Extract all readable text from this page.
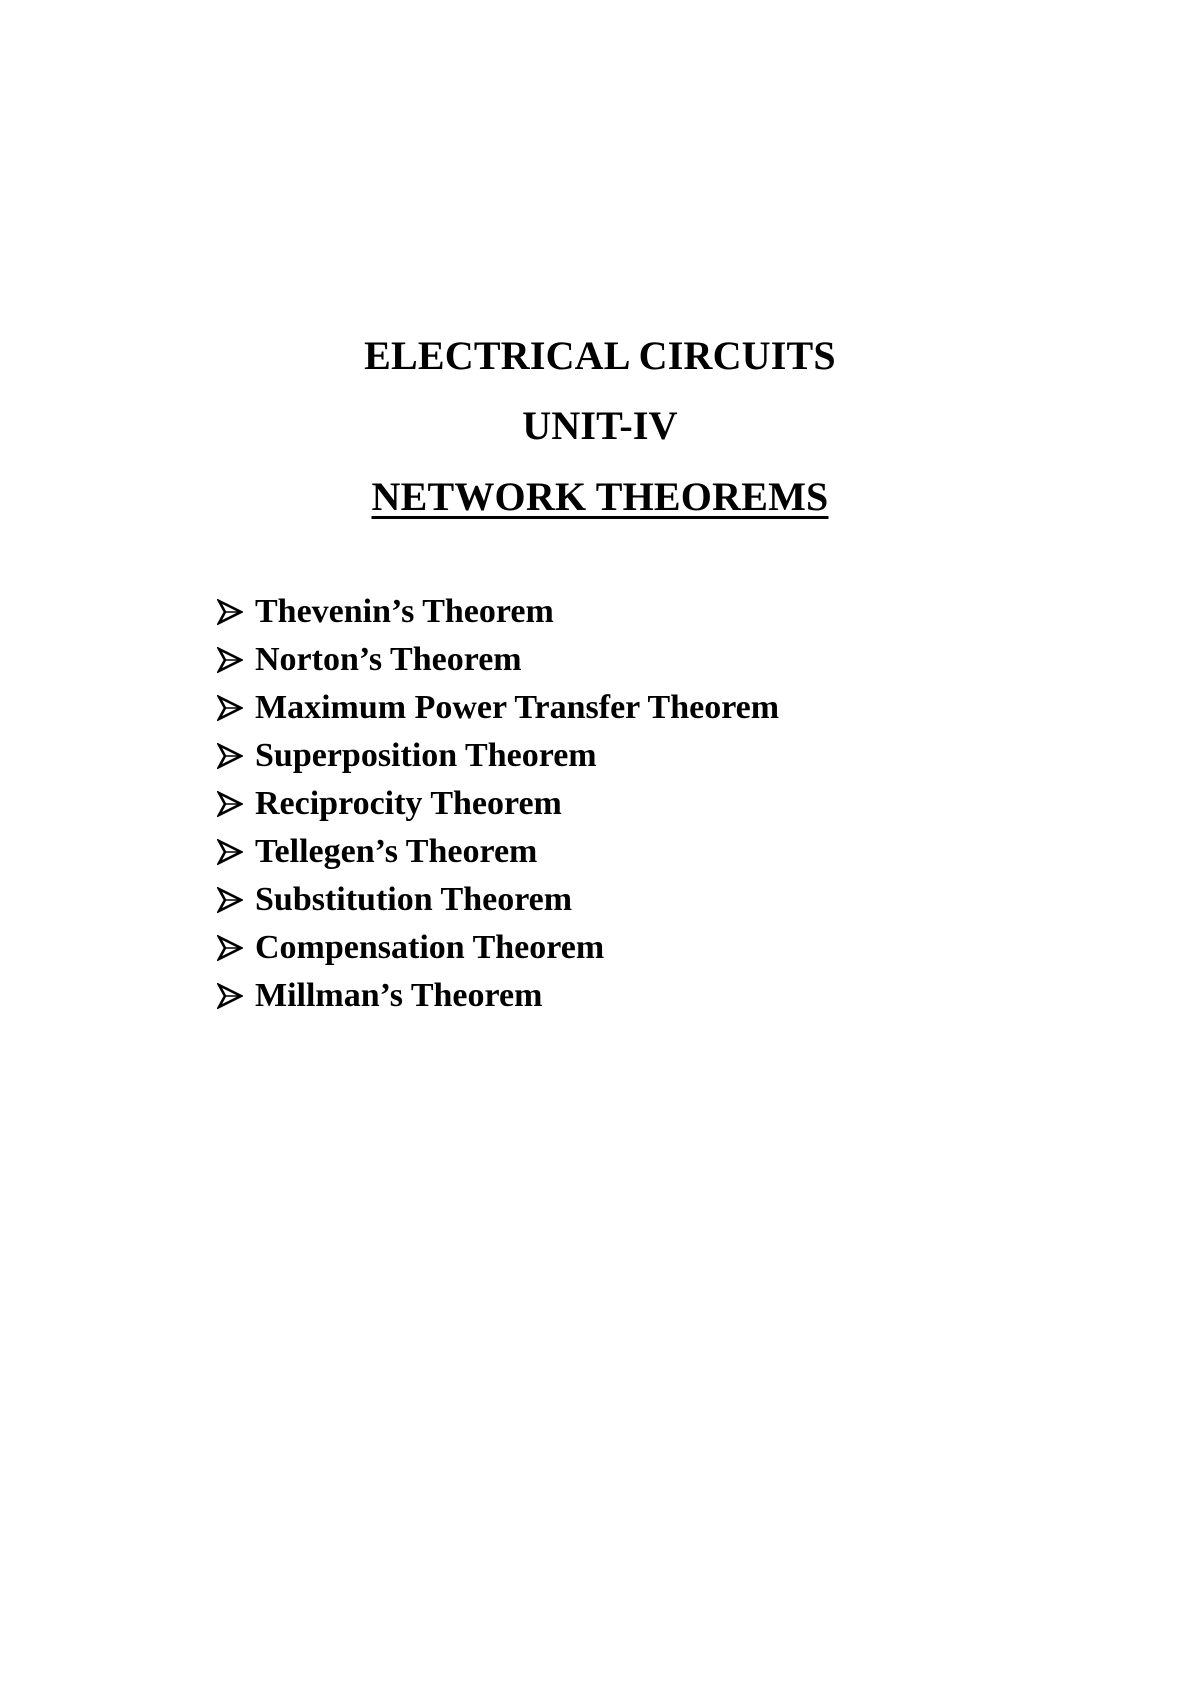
ELECTRICAL CIRCUITS
UNIT-IV
NETWORK THEOREMS
Thevenin’s Theorem
Norton’s Theorem
Maximum Power Transfer Theorem
Superposition Theorem
Reciprocity Theorem
Tellegen’s Theorem
Substitution Theorem
Compensation Theorem
Millman’s Theorem
